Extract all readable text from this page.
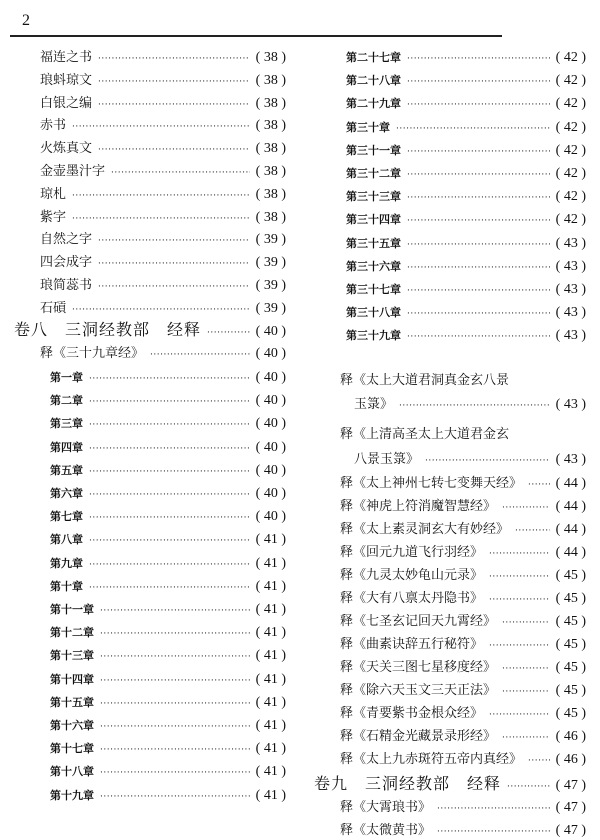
2
福连之书 ·····	( 38 )
琅蚪琼文 ·····	( 38 )
白银之编 ·····	( 38 )
赤书 ·····	( 38 )
火炼真文 ·····	( 38 )
金壶墨汁字 ·····	( 38 )
琼札 ·····	( 38 )
紫字 ·····	( 38 )
自然之字 ·····	( 39 )
四会成字 ·····	( 39 )
琅简蕊书 ·····	( 39 )
石碽 ·····	( 39 )
卷八　三洞经教部　经释 ·····	( 40 )
释《三十九章经》 ·····	( 40 )
第一章 ·····	( 40 )
第二章 ·····	( 40 )
第三章 ·····	( 40 )
第四章 ·····	( 40 )
第五章 ·····	( 40 )
第六章 ·····	( 40 )
第七章 ·····	( 40 )
第八章 ·····	( 41 )
第九章 ·····	( 41 )
第十章 ·····	( 41 )
第十一章 ·····	( 41 )
第十二章 ·····	( 41 )
第十三章 ·····	( 41 )
第十四章 ·····	( 41 )
第十五章 ·····	( 41 )
第十六章 ·····	( 41 )
第十七章 ·····	( 41 )
第十八章 ·····	( 41 )
第十九章 ·····	( 41 )
第二十七章 ·····	( 42 )
第二十八章 ·····	( 42 )
第二十九章 ·····	( 42 )
第三十章 ·····	( 42 )
第三十一章 ·····	( 42 )
第三十二章 ·····	( 42 )
第三十三章 ·····	( 42 )
第三十四章 ·····	( 42 )
第三十五章 ·····	( 43 )
第三十六章 ·····	( 43 )
第三十七章 ·····	( 43 )
第三十八章 ·····	( 43 )
第三十九章 ·····	( 43 )
释《太上大道君洞真金玄八景
玉箓》 ·····	( 43 )
释《上清高圣太上大道君金玄
八景玉箓》 ·····	( 43 )
释《太上神州七转七变舞天经》 ····· ( 44 )
释《神虎上符消魔智慧经》 ·····	( 44 )
释《太上素灵洞玄大有妙经》 ·····	( 44 )
释《回元九道飞行羽经》 ·····	( 44 )
释《九灵太妙龟山元录》 ·····	( 45 )
释《大有八禀太丹隐书》 ·····	( 45 )
释《七圣玄记回天九霄经》 ·····	( 45 )
释《曲素诀辞五行秘符》 ·····	( 45 )
释《天关三图七星移度经》 ·····	( 45 )
释《除六天玉文三天正法》 ·····	( 45 )
释《青要紫书金根众经》 ·····	( 45 )
释《石精金光藏景录形经》 ·····	( 46 )
释《太上九赤斑符五帝内真经》 ····· ( 46 )
卷九　三洞经教部　经释 ·····	( 47 )
释《大霄琅书》 ·····	( 47 )
释《太微黄书》 ·····	( 47 )
